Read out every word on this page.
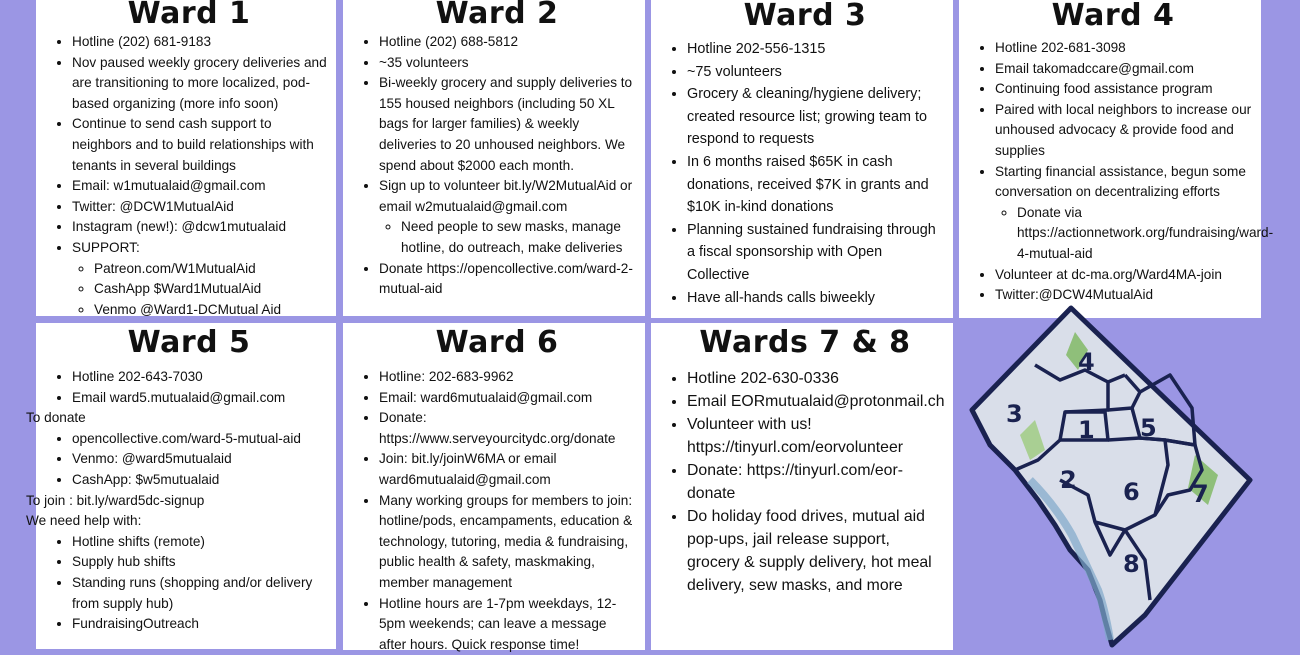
Ward 1
• Hotline (202) 681-9183
• Nov paused weekly grocery deliveries and are transitioning to more localized, pod-based organizing (more info soon)
• Continue to send cash support to neighbors and to build relationships with tenants in several buildings
• Email: w1mutualaid@gmail.com
• Twitter: @DCW1MutualAid
• Instagram (new!): @dcw1mutualaid
• SUPPORT:
◦ Patreon.com/W1MutualAid
◦ CashApp $Ward1MutualAid
◦ Venmo @Ward1-DCMutual Aid
Ward 2
• Hotline (202) 688-5812
• ~35 volunteers
• Bi-weekly grocery and supply deliveries to 155 housed neighbors (including 50 XL bags for larger families) & weekly deliveries to 20 unhoused neighbors. We spend about $2000 each month.
• Sign up to volunteer bit.ly/W2MutualAid or email w2mutualaid@gmail.com
◦ Need people to sew masks, manage hotline, do outreach, make deliveries
• Donate https://opencollective.com/ward-2-mutual-aid
Ward 3
• Hotline 202-556-1315
• ~75 volunteers
• Grocery & cleaning/hygiene delivery; created resource list; growing team to respond to requests
• In 6 months raised $65K in cash donations, received $7K in grants and $10K in-kind donations
• Planning sustained fundraising through a fiscal sponsorship with Open Collective
• Have all-hands calls biweekly
Ward 4
• Hotline 202-681-3098
• Email takomadccare@gmail.com
• Continuing food assistance program
• Paired with local neighbors to increase our unhoused advocacy & provide food and supplies
• Starting financial assistance, begun some conversation on decentralizing efforts
◦ Donate via https://actionnetwork.org/fundraising/ward-4-mutual-aid
• Volunteer at dc-ma.org/Ward4MA-join
• Twitter:@DCW4MutualAid
Ward 5
• Hotline 202-643-7030
• Email ward5.mutualaid@gmail.com

To donate

• opencollective.com/ward-5-mutual-aid
• Venmo: @ward5mutualaid
• CashApp: $w5mutualaid

To join : bit.ly/ward5dc-signup

We need help with:

• Hotline shifts (remote)
• Supply hub shifts
• Standing runs (shopping and/or delivery from supply hub)
• FundraisingOutreach
Ward 6
• Hotline: 202-683-9962
• Email: ward6mutualaid@gmail.com
• Donate: https://www.serveyourcitydc.org/donate
• Join: bit.ly/joinW6MA or email ward6mutualaid@gmail.com
• Many working groups for members to join: hotline/pods, encampaments, education & technology, tutoring, media & fundraising, public health & safety, maskmaking, member management
• Hotline hours are 1-7pm weekdays, 12-5pm weekends; can leave a message after hours. Quick response time!
Wards 7 & 8
• Hotline 202-630-0336
• Email EORmutualaid@protonmail.ch
• Volunteer with us! https://tinyurl.com/eorvolunteer
• Donate: https://tinyurl.com/eor-donate
• Do holiday food drives, mutual aid pop-ups, jail release support, grocery & supply delivery, hot meal delivery, sew masks, and more
4
3
1 5
2 6 7
8
